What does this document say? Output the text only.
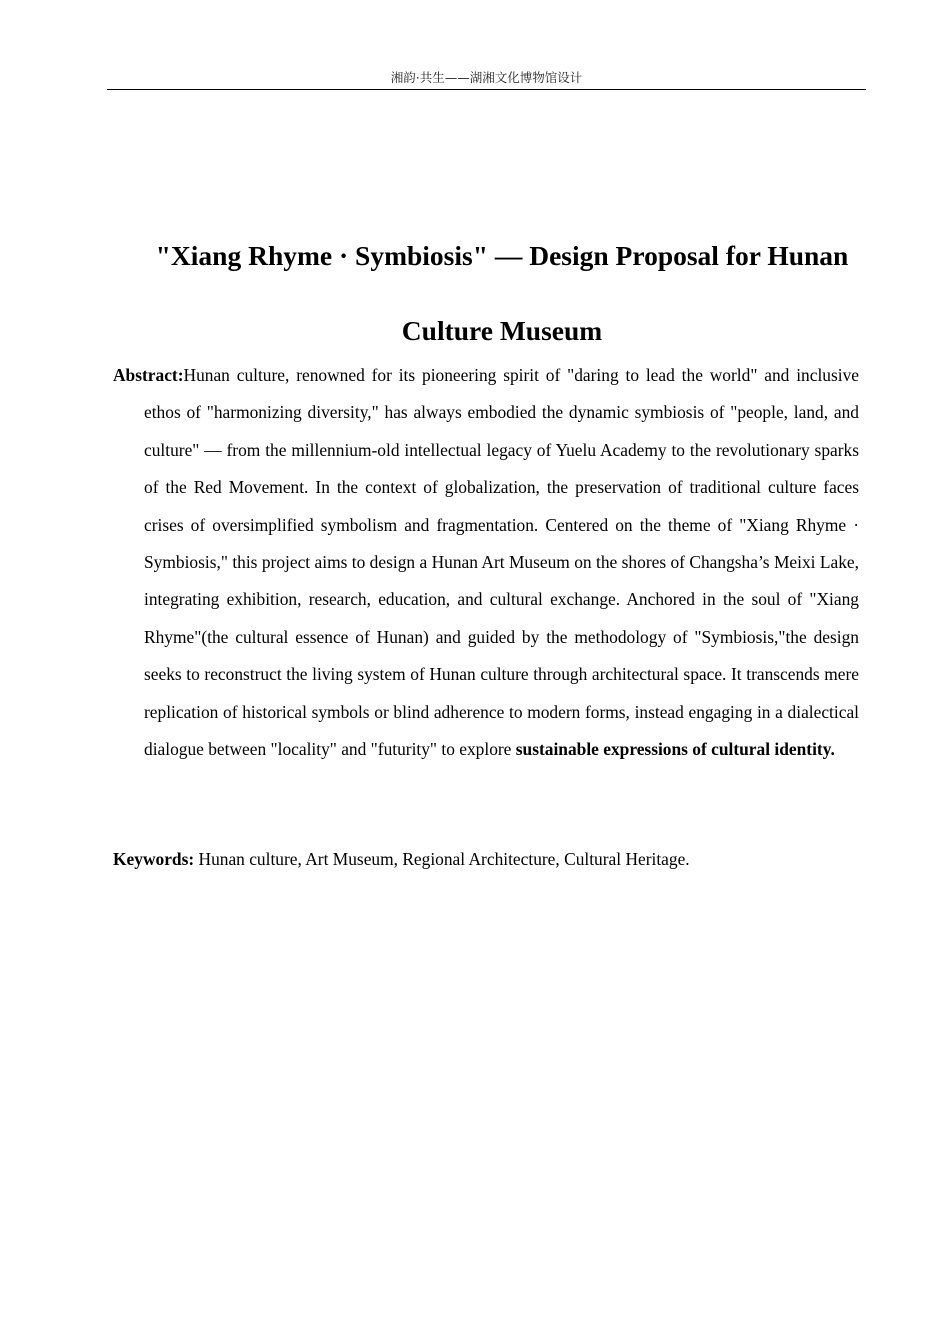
湘韵·共生——湖湘文化博物馆设计
"Xiang Rhyme · Symbiosis" — Design Proposal for Hunan Culture Museum

Abstract:Hunan culture, renowned for its pioneering spirit of "daring to lead the world" and inclusive ethos of "harmonizing diversity," has always embodied the dynamic symbiosis of "people, land, and culture" — from the millennium-old intellectual legacy of Yuelu Academy to the revolutionary sparks of the Red Movement. In the context of globalization, the preservation of traditional culture faces crises of oversimplified symbolism and fragmentation. Centered on the theme of "Xiang Rhyme · Symbiosis," this project aims to design a Hunan Art Museum on the shores of Changsha’s Meixi Lake, integrating exhibition, research, education, and cultural exchange. Anchored in the soul of "Xiang Rhyme"(the cultural essence of Hunan) and guided by the methodology of "Symbiosis,"the design seeks to reconstruct the living system of Hunan culture through architectural space. It transcends mere replication of historical symbols or blind adherence to modern forms, instead engaging in a dialectical dialogue between "locality" and "futurity" to explore sustainable expressions of cultural identity.

Keywords: Hunan culture, Art Museum, Regional Architecture, Cultural Heritage.
